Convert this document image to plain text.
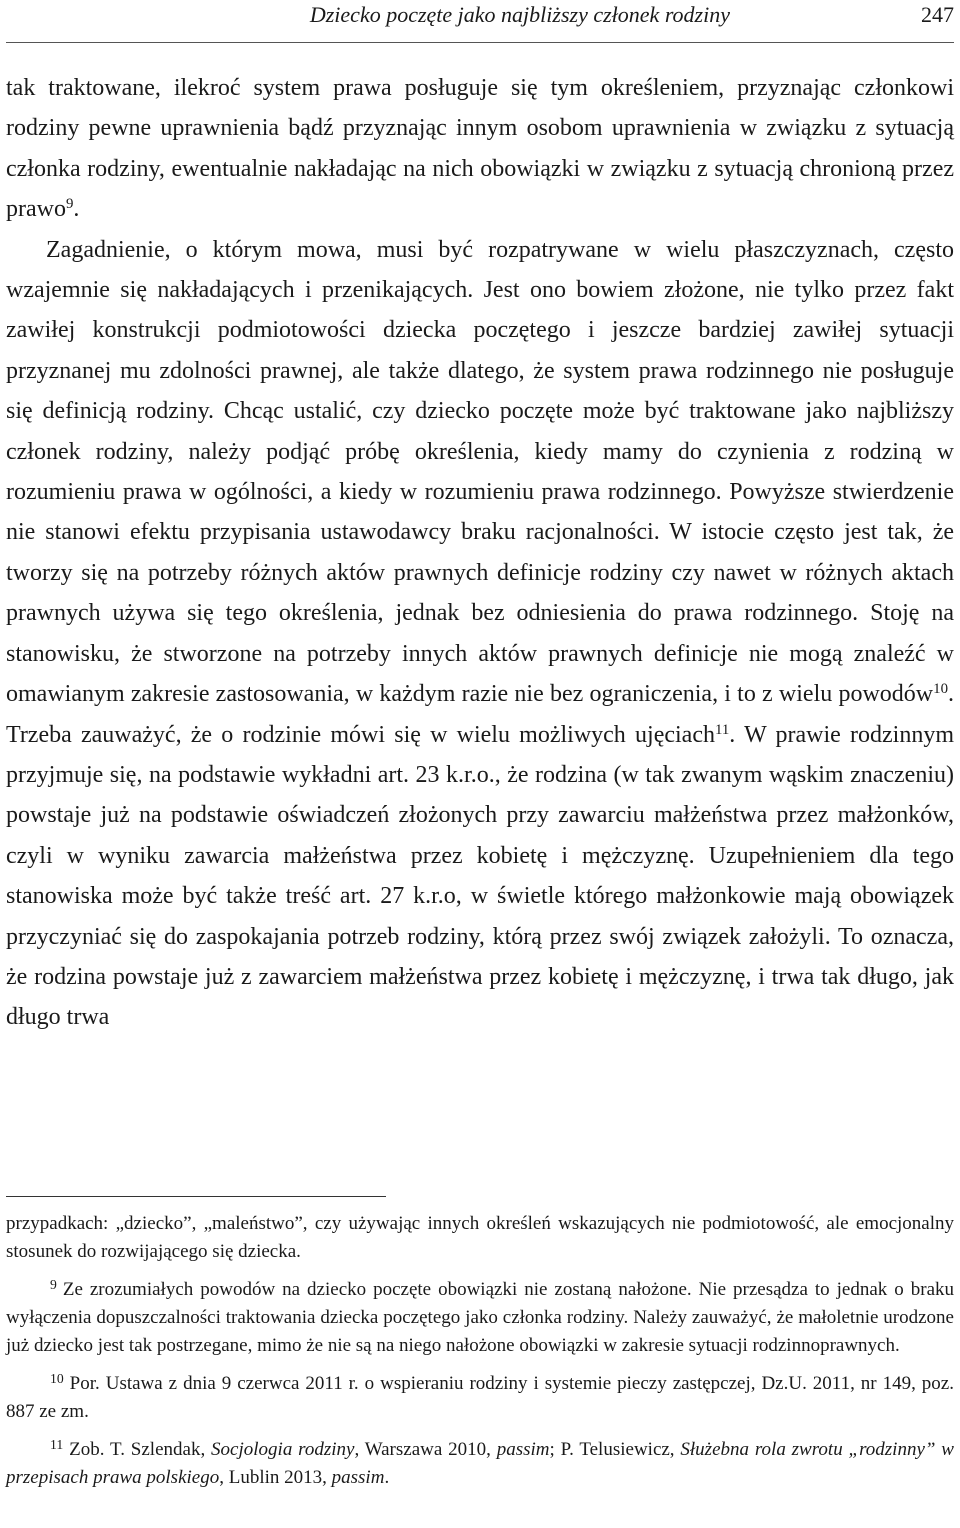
Dziecko poczęte jako najbliższy członek rodziny	247

tak traktowane, ilekroć system prawa posługuje się tym określeniem, przyznając członkowi rodziny pewne uprawnienia bądź przyznając innym osobom uprawnienia w związku z sytuacją członka rodziny, ewentualnie nakładając na nich obowiązki w związku z sytuacją chronioną przez prawo$^9$.

Zagadnienie, o którym mowa, musi być rozpatrywane w wielu płaszczyznach, często wzajemnie się nakładających i przenikających. Jest ono bowiem złożone, nie tylko przez fakt zawiłej konstrukcji podmiotowości dziecka poczętego i jeszcze bardziej zawiłej sytuacji przyznanej mu zdolności prawnej, ale także dlatego, że system prawa rodzinnego nie posługuje się definicją rodziny. Chcąc ustalić, czy dziecko poczęte może być traktowane jako najbliższy członek rodziny, należy podjąć próbę określenia, kiedy mamy do czynienia z rodziną w rozumieniu prawa w ogólności, a kiedy w rozumieniu prawa rodzinnego. Powyższe stwierdzenie nie stanowi efektu przypisania ustawodawcy braku racjonalności. W istocie często jest tak, że tworzy się na potrzeby różnych aktów prawnych definicje rodziny czy nawet w różnych aktach prawnych używa się tego określenia, jednak bez odniesienia do prawa rodzinnego. Stoję na stanowisku, że stworzone na potrzeby innych aktów prawnych definicje nie mogą znaleźć w omawianym zakresie zastosowania, w każdym razie nie bez ograniczenia, i to z wielu powodów$^{10}$. Trzeba zauważyć, że o rodzinie mówi się w wielu możliwych ujęciach$^{11}$. W prawie rodzinnym przyjmuje się, na podstawie wykładni art. 23 k.r.o., że rodzina (w tak zwanym wąskim znaczeniu) powstaje już na podstawie oświadczeń złożonych przy zawarciu małżeństwa przez małżonków, czyli w wyniku zawarcia małżeństwa przez kobietę i mężczyznę. Uzupełnieniem dla tego stanowiska może być także treść art. 27 k.r.o, w świetle którego małżonkowie mają obowiązek przyczyniać się do zaspokajania potrzeb rodziny, którą przez swój związek założyli. To oznacza, że rodzina powstaje już z zawarciem małżeństwa przez kobietę i mężczyznę, i trwa tak długo, jak długo trwa

przypadkach: „dziecko”, „maleństwo”, czy używając innych określeń wskazujących nie podmiotowość, ale emocjonalny stosunek do rozwijającego się dziecka.

$^9$ Ze zrozumiałych powodów na dziecko poczęte obowiązki nie zostaną nałożone. Nie przesądza to jednak o braku wyłączenia dopuszczalności traktowania dziecka poczętego jako członka rodziny. Należy zauważyć, że małoletnie urodzone już dziecko jest tak postrzegane, mimo że nie są na niego nałożone obowiązki w zakresie sytuacji rodzinnoprawnych.

$^{10}$ Por. Ustawa z dnia 9 czerwca 2011 r. o wspieraniu rodziny i systemie pieczy zastępczej, Dz.U. 2011, nr 149, poz. 887 ze zm.

$^{11}$ Zob. T. Szlendak, Socjologia rodziny, Warszawa 2010, passim; P. Telusiewicz, Służebna rola zwrotu „rodzinny” w przepisach prawa polskiego, Lublin 2013, passim.
